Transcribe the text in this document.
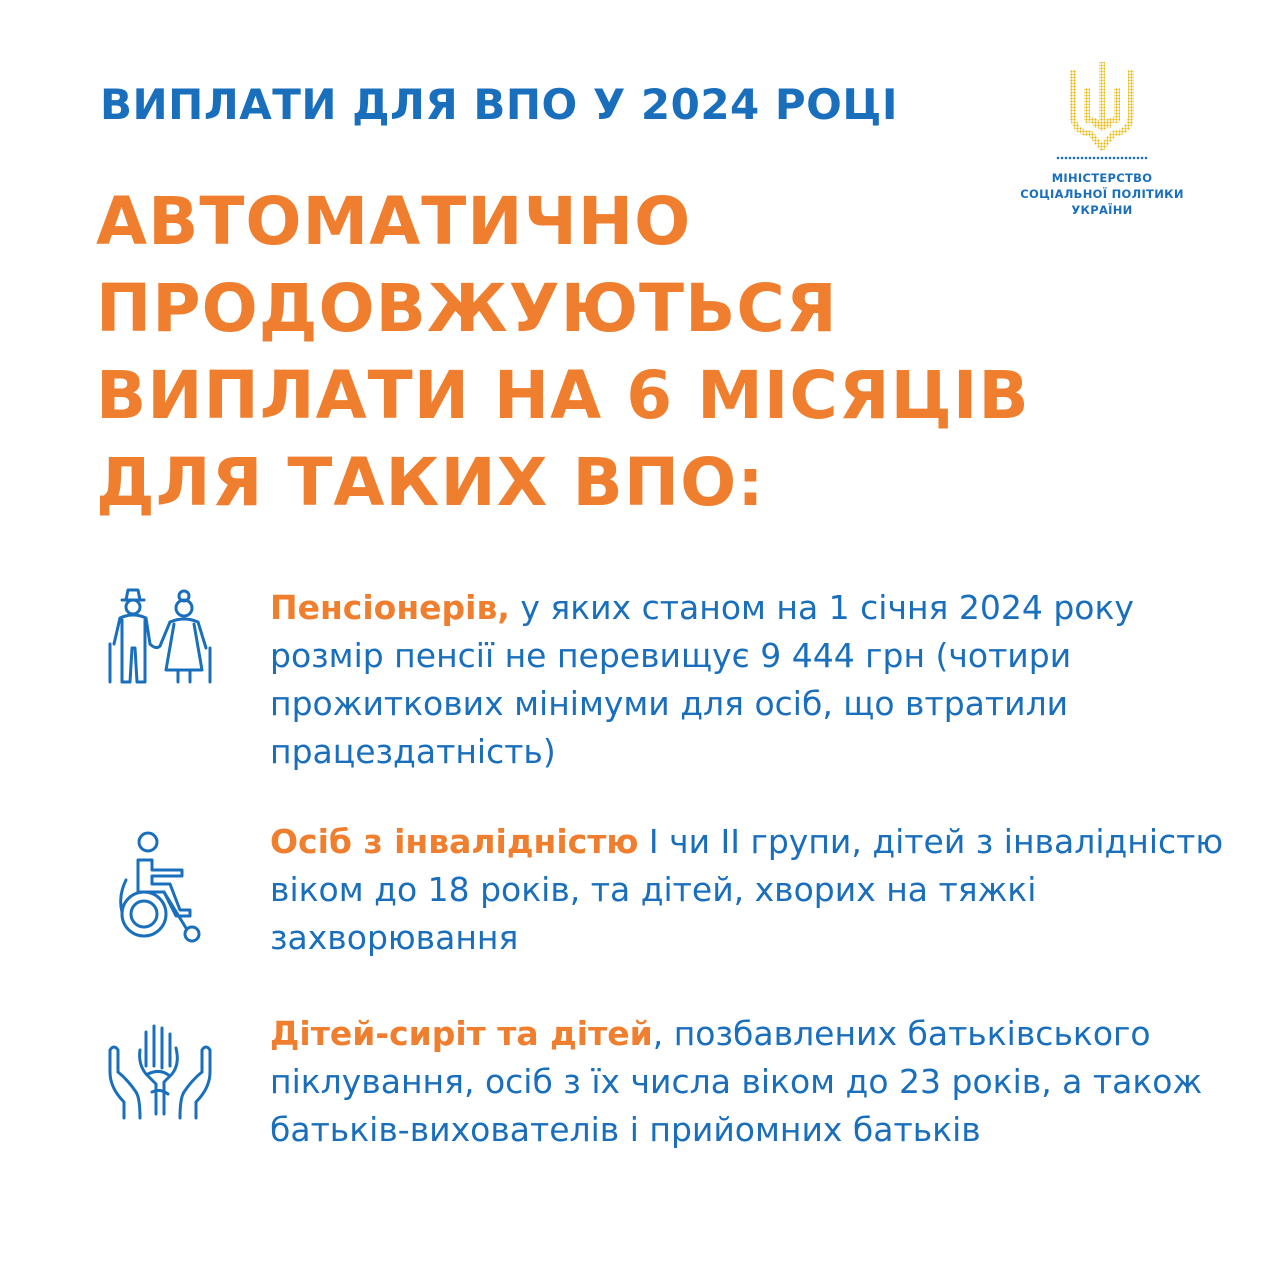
ВИПЛАТИ ДЛЯ ВПО У 2024 РОЦІ
МІНІСТЕРСТВО
СОЦІАЛЬНОЇ ПОЛІТИКИ
УКРАЇНИ
АВТОМАТИЧНО
ПРОДОВЖУЮТЬСЯ
ВИПЛАТИ НА 6 МІСЯЦІВ
ДЛЯ ТАКИХ ВПО:

Пенсіонерів, у яких станом на 1 січня 2024 року розмір пенсії не перевищує 9 444 грн (чотири прожиткових мінімуми для осіб, що втратили працездатність)

Осіб з інвалідністю I чи II групи, дітей з інвалідністю віком до 18 років, та дітей, хворих на тяжкі захворювання

Дітей-сиріт та дітей, позбавлених батьківського піклування, осіб з їх числа віком до 23 років, а також батьків-вихователів і прийомних батьків
